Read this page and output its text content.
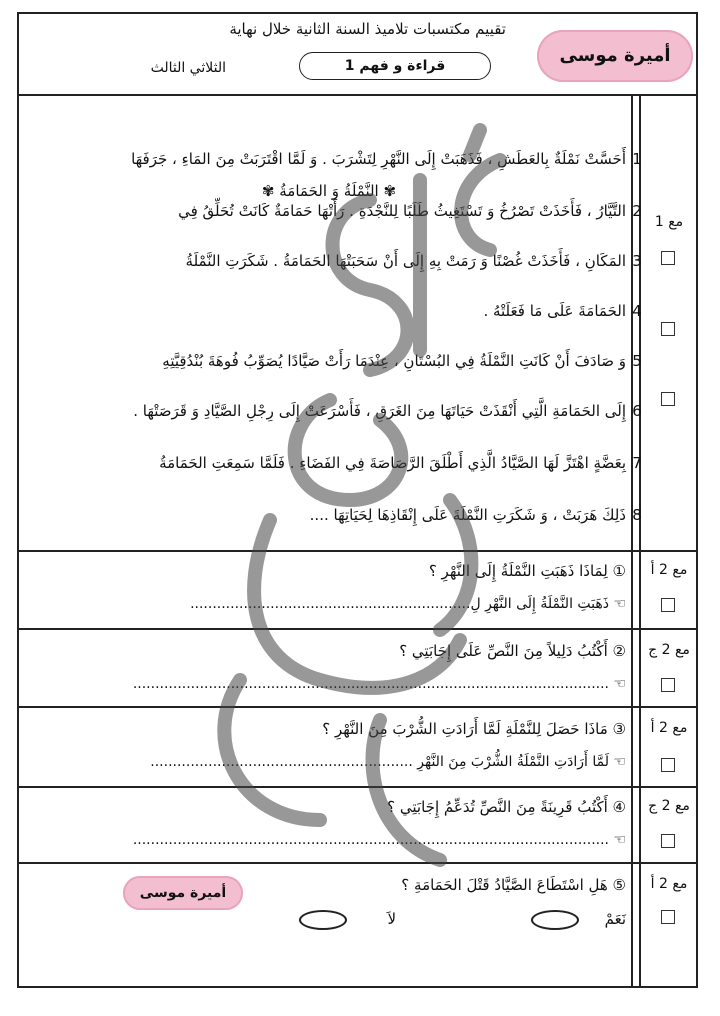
تقييم مكتسبات تلاميذ السنة الثانية خلال نهاية
الثلاثي الثالث	قراءة و فهم 1	أميرة موسى
✾ النَّمْلَةُ وَ الحَمَامَةُ ✾
مع 1
1
أَحَسَّتْ نَمْلَةٌ بِالعَطَشِ ، فَذَهَبَتْ إِلَى النَّهْرِ لِتَشْرَبَ . وَ لَمَّا اقْتَرَبَتْ مِنَ المَاءِ ، جَرَفَهَا
2
التَّيَّارُ ، فَأَخَذَتْ تَصْرُخُ وَ تَسْتَغِيثُ طَلَبًا لِلنَّجْدَةِ . رَأَتْهَا حَمَامَةٌ كَانَتْ تُحَلِّقُ فِي
3
المَكَانِ ، فَأَخَذَتْ غُصْنًا وَ رَمَتْ بِهِ إِلَى أَنْ سَحَبَتْهَا الحَمَامَةُ . شَكَرَتِ النَّمْلَةُ
4
الحَمَامَةَ عَلَى مَا فَعَلَتْهُ .
5
وَ صَادَفَ أَنْ كَانَتِ النَّمْلَةُ فِي البُسْتَانِ ، عِنْدَمَا رَأَتْ صَيَّادًا يُصَوِّبُ فُوهَةَ بُنْدُقِيَّتِهِ
6
إِلَى الحَمَامَةِ الَّتِي أَنْقَذَتْ حَيَاتَهَا مِنَ الغَرَقِ ، فَأَسْرَعَتْ إِلَى رِجْلِ الصَّيَّادِ وَ قَرَصَتْهَا .
7
بِعَضَّةٍ اهْتَزَّ لَهَا الصَّيَّادُ الَّذِي أَطْلَقَ الرَّصَاصَةَ فِي الفَضَاءِ . فَلَمَّا سَمِعَتِ الحَمَامَةُ
8
ذَلِكَ هَرَبَتْ ، وَ شَكَرَتِ النَّمْلَةَ عَلَى إِنْقَاذِهَا لِحَيَاتِهَا ....
مع 2 أ
① لِمَاذَا ذَهَبَتِ النَّمْلَةُ إِلَى النَّهْرِ ؟
☜ ذَهَبَتِ النَّمْلَةُ إِلَى النَّهْرِ لِ...............................................................
مع 2 ج
② أَكْتُبُ دَلِيلاً مِنَ النَّصِّ عَلَى إِجَابَتِي ؟
☜ ...........................................................................................................
مع 2 أ
③ مَاذَا حَصَلَ لِلنَّمْلَةِ لَمَّا أَرَادَتِ الشُّرْبَ مِنَ النَّهْرِ ؟
☜ لَمَّا أَرَادَتِ النَّمْلَةُ الشُّرْبَ مِنَ النَّهْرِ ...........................................................
مع 2 ج
④ أَكْتُبُ قَرِينَةً مِنَ النَّصِّ تُدَعِّمُ إِجَابَتِي ؟
☜ ...........................................................................................................
مع 2 أ
⑤ هَلِ اسْتَطَاعَ الصَّيَّادُ قَتْلَ الحَمَامَةِ ؟
نَعَمْ
لاَ
أميرة موسى
